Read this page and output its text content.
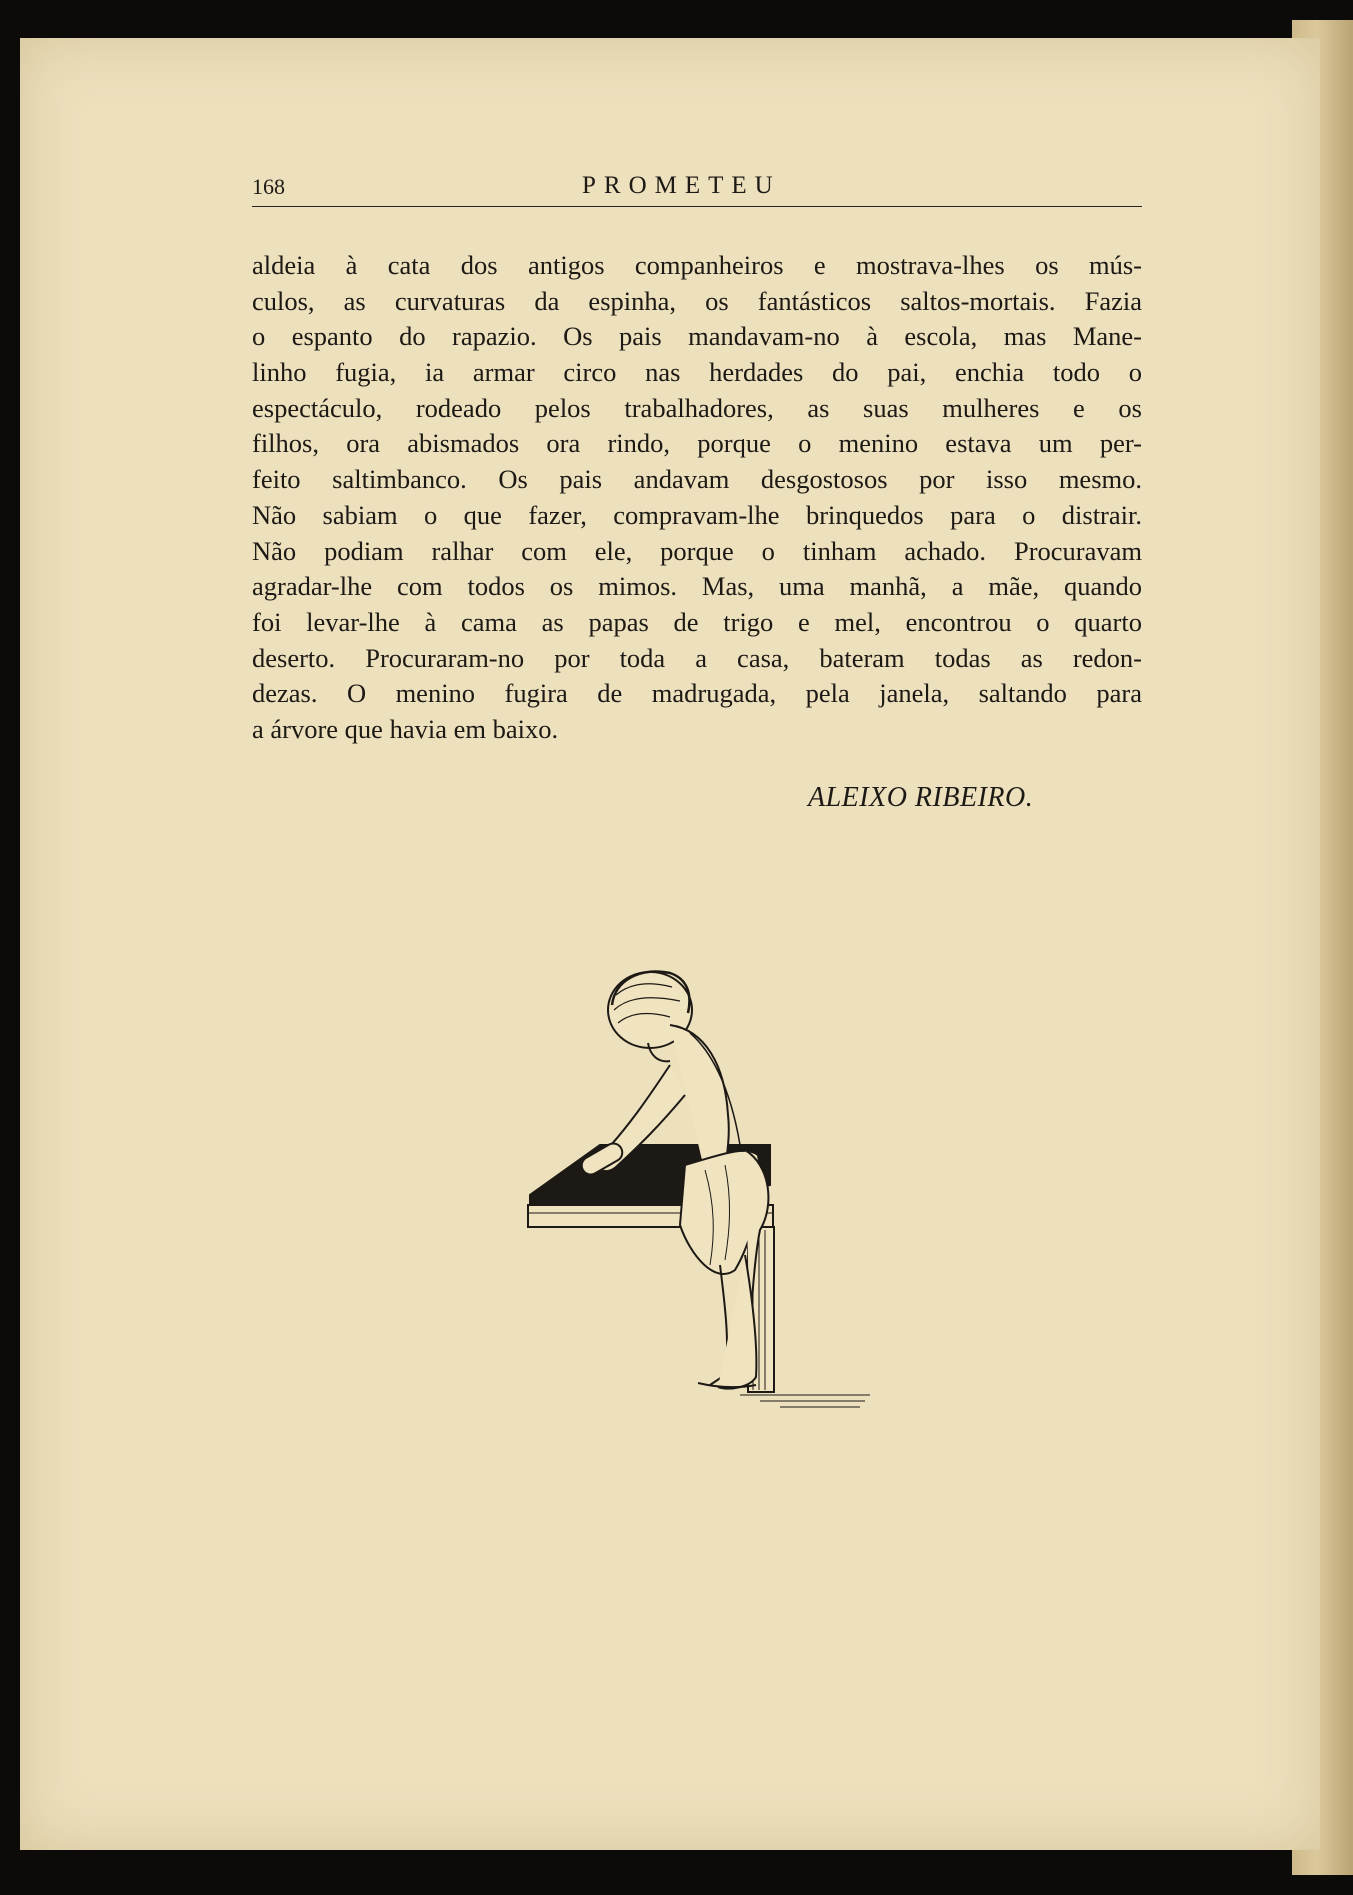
168	PROMETEU
aldeia à cata dos antigos companheiros e mostrava-lhes os mús-
culos, as curvaturas da espinha, os fantásticos saltos-mortais. Fazia
o espanto do rapazio. Os pais mandavam-no à escola, mas Mane-
linho fugia, ia armar circo nas herdades do pai, enchia todo o
espectáculo, rodeado pelos trabalhadores, as suas mulheres e os
filhos, ora abismados ora rindo, porque o menino estava um per-
feito saltimbanco. Os pais andavam desgostosos por isso mesmo.
Não sabiam o que fazer, compravam-lhe brinquedos para o distrair.
Não podiam ralhar com ele, porque o tinham achado. Procuravam
agradar-lhe com todos os mimos. Mas, uma manhã, a mãe, quando
foi levar-lhe à cama as papas de trigo e mel, encontrou o quarto
deserto. Procuraram-no por toda a casa, bateram todas as redon-
dezas. O menino fugira de madrugada, pela janela, saltando para
a árvore que havia em baixo.
ALEIXO RIBEIRO.
